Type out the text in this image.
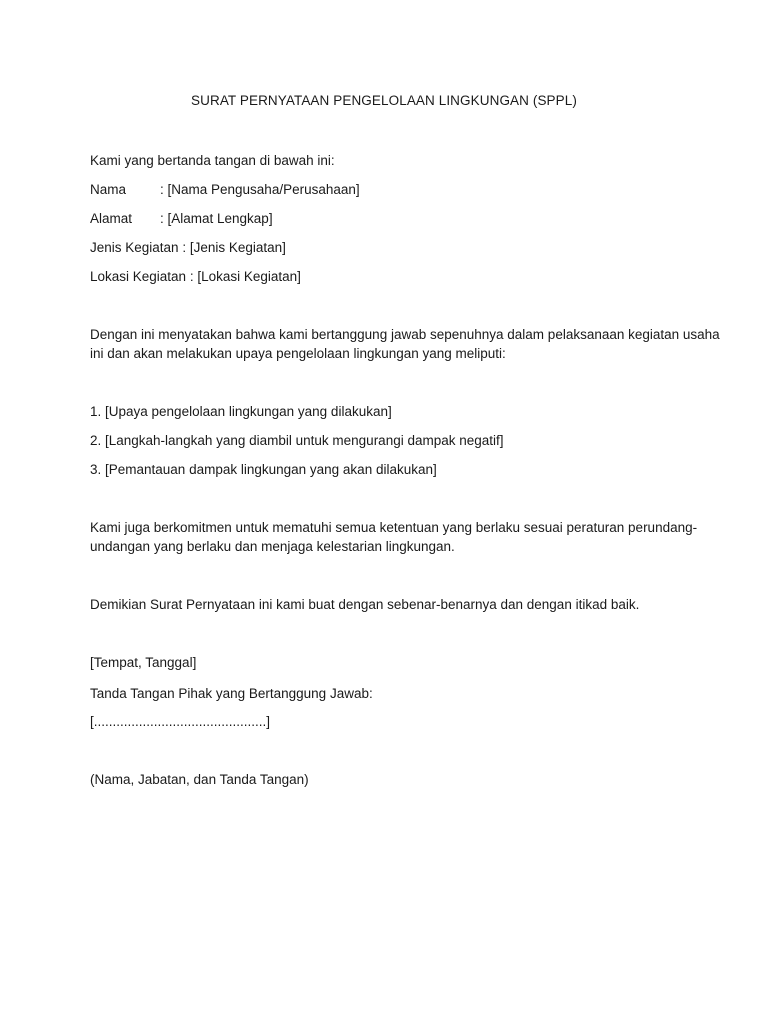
SURAT PERNYATAAN PENGELOLAAN LINGKUNGAN (SPPL)
Kami yang bertanda tangan di bawah ini:
Nama	: [Nama Pengusaha/Perusahaan]
Alamat : [Alamat Lengkap]
Jenis Kegiatan : [Jenis Kegiatan]
Lokasi Kegiatan : [Lokasi Kegiatan]
Dengan ini menyatakan bahwa kami bertanggung jawab sepenuhnya dalam pelaksanaan kegiatan usaha
ini dan akan melakukan upaya pengelolaan lingkungan yang meliputi:
1. [Upaya pengelolaan lingkungan yang dilakukan]
2. [Langkah-langkah yang diambil untuk mengurangi dampak negatif]
3. [Pemantauan dampak lingkungan yang akan dilakukan]
Kami juga berkomitmen untuk mematuhi semua ketentuan yang berlaku sesuai peraturan perundang-
undangan yang berlaku dan menjaga kelestarian lingkungan.
Demikian Surat Pernyataan ini kami buat dengan sebenar-benarnya dan dengan itikad baik.
[Tempat, Tanggal]
Tanda Tangan Pihak yang Bertanggung Jawab:
[..............................................]
(Nama, Jabatan, dan Tanda Tangan)
